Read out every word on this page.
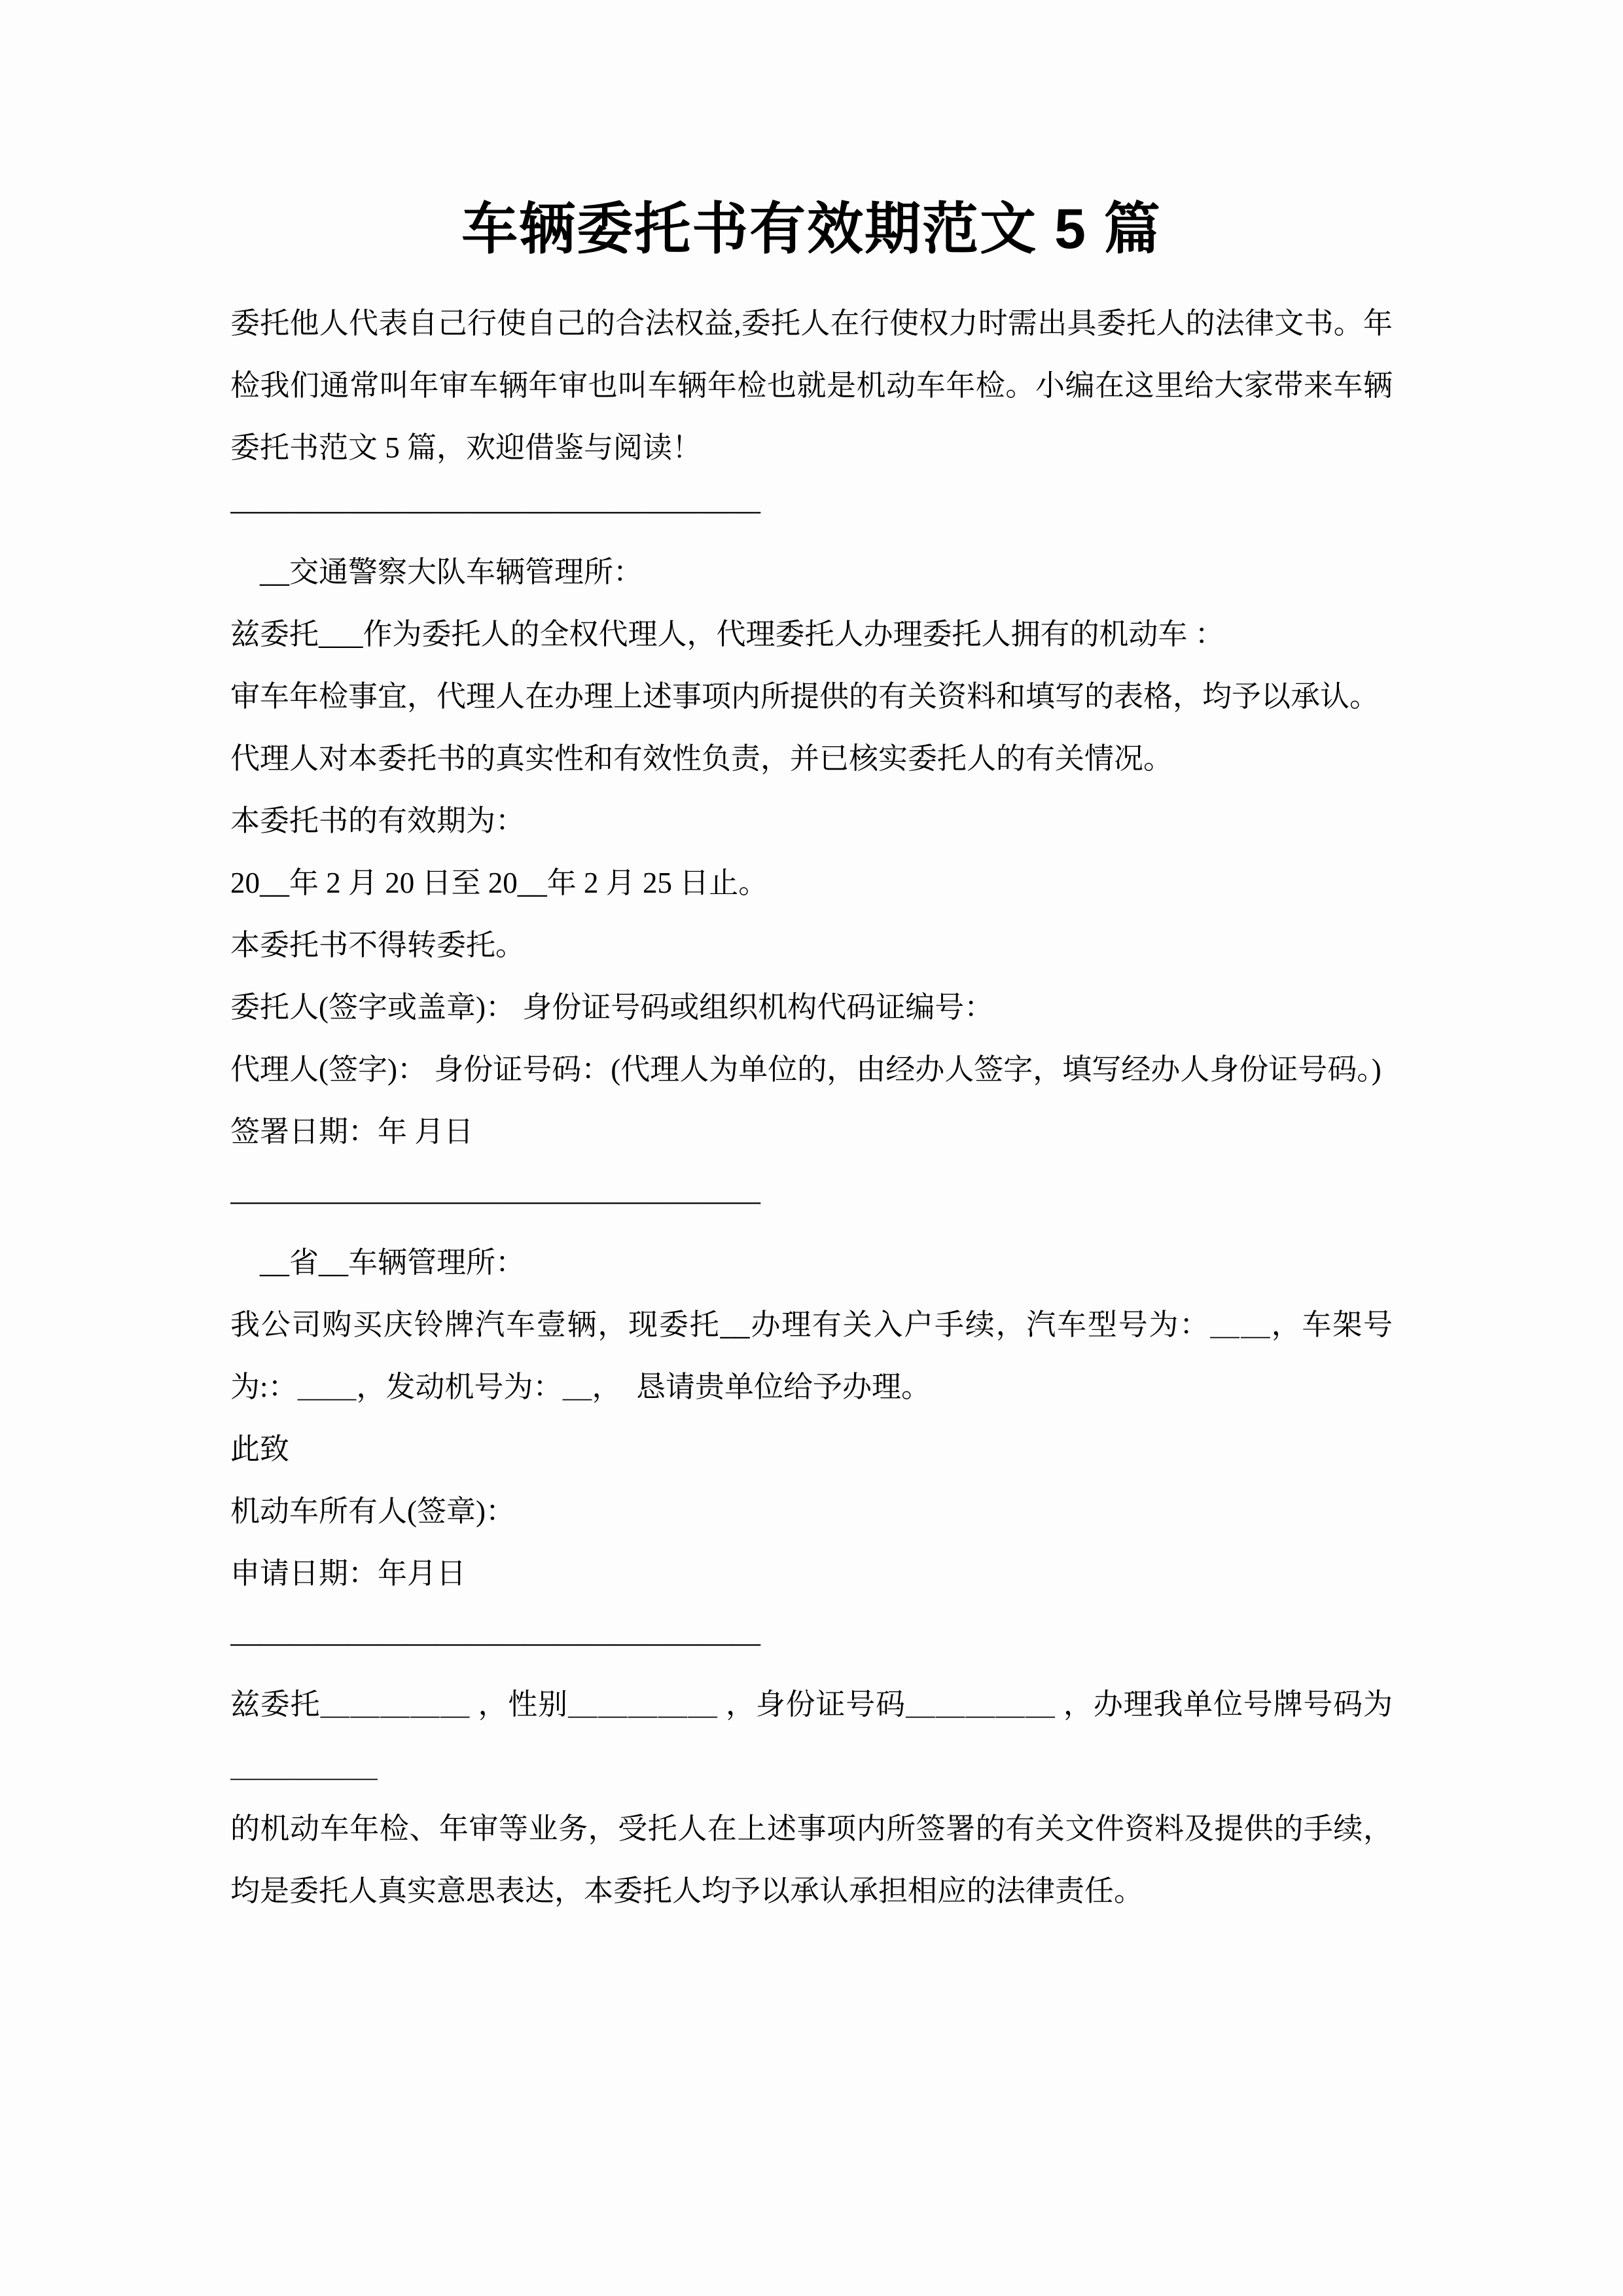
车辆委托书有效期范文 5 篇

委托他人代表自己行使自己的合法权益,委托人在行使权力时需出具委托人的法律文书。年检我们通常叫年审车辆年审也叫车辆年检也就是机动车年检。小编在这里给大家带来车辆委托书范文 5 篇，欢迎借鉴与阅读！

——————————————————

　__交通警察大队车辆管理所：

兹委托___作为委托人的全权代理人，代理委托人办理委托人拥有的机动车 ：

审车年检事宜，代理人在办理上述事项内所提供的有关资料和填写的表格，均予以承认。

代理人对本委托书的真实性和有效性负责，并已核实委托人的有关情况。

本委托书的有效期为：

20__年 2 月 20 日至 20__年 2 月 25 日止。

本委托书不得转委托。

委托人(签字或盖章)： 身份证号码或组织机构代码证编号：

代理人(签字)： 身份证号码：(代理人为单位的，由经办人签字，填写经办人身份证号码。)

签署日期：年 月日

——————————————————

　__省__车辆管理所：

我公司购买庆铃牌汽车壹辆，现委托__办理有关入户手续，汽车型号为：＿＿，车架号为:：＿＿，发动机号为：＿，　恳请贵单位给予办理。

此致

机动车所有人(签章)：

申请日期：年月日

——————————————————

兹委托＿＿＿＿＿ ，性别＿＿＿＿＿ ，身份证号码＿＿＿＿＿ ，办理我单位号牌号码为＿＿＿＿＿

的机动车年检、年审等业务，受托人在上述事项内所签署的有关文件资料及提供的手续，均是委托人真实意思表达，本委托人均予以承认承担相应的法律责任。
